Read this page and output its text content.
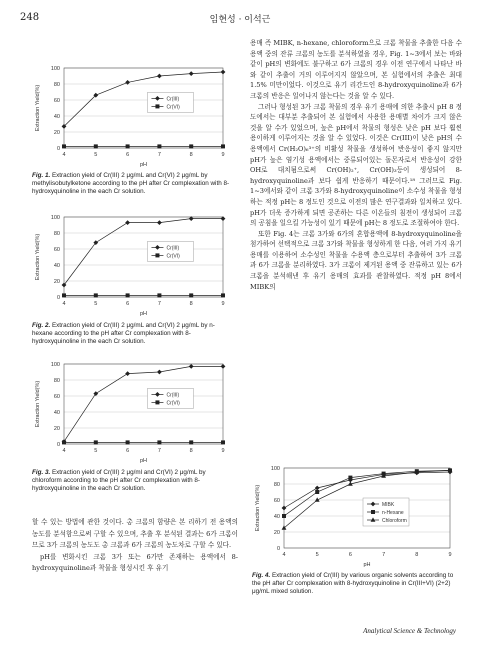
248	임현성 · 이석근
0
20
40
60
80
100
4	5	6	7	8	9
pH
Extraction Yield(%)	Cr(III)
Cr(VI)
Fig. 1. Extraction yield of Cr(III) 2 μg/mL and Cr(VI) 2 μg/mL by methylisobutylketone according to the pH after Cr complexation with 8-hydroxyquinoline in the each Cr solution.
0
20
40
60
80
100
4	5	6	7	8	9
pH
Extraction Yield(%)	Cr(III)
Cr(VI)
Fig. 2. Extraction yield of Cr(III) 2 μg/mL and Cr(VI) 2 μg/mL by n-hexane according to the pH after Cr complexation with 8-hydroxyquinoline in the each Cr solution.
0
20
40
60
80
100
4	5	6	7	8	9
pH
Extraction Yield(%)	Cr(III)
Cr(VI)
Fig. 3. Extraction yield of Cr(III) 2 μg/ml and Cr(VI) 2 μg/mL by chloroform according to the pH after Cr complexation with 8-hydroxyquinoline in the each Cr solution.

할 수 있는 방법에 관한 것이다. 총 크롬의 함량은 본 리하기 전 용액의 농도를 분석함으로써 구할 수 있으며, 추출 후 분석된 결과는 6가 크롬이므로 3가 크롬의 농도도 총 크롬과 6가 크롬의 농도차로 구할 수 있다.

pH를 변화시킨 크롬 3가 또는 6가만 존재하는 용액에서 8-hydroxyquinoline과 착물을 형성시킨 후 유기

용매 즉 MIBK, n-hexane, chloroform으로 크롬 착물을 추출한 다음 수용액 중의 잔류 크롬의 농도를 분석하였을 경우, Fig. 1~3에서 보는 바와 같이 pH의 변화에도 불구하고 6가 크롬의 경우 이전 연구에서 나타난 바와 같이 추출이 거의 이루어지지 않았으며, 본 실험에서의 추출은 최대 1.5% 미만이었다. 이것으로 유기 리간드인 8-hydroxyquinoline과 6가 크롬의 반응은 일어나지 않는다는 것을 알 수 있다.

그러나 형성된 3가 크롬 착물의 경우 유기 용매에 의한 추출시 pH 8 정도에서는 대부분 추출되어 본 실험에서 사용한 용매별 차이가 크지 않은 것을 알 수가 있었으며, 높은 pH에서 착물의 형성은 낮은 pH 보다 훨씬 용이하게 이루어지는 것을 알 수 있었다. 이것은 Cr(III)이 낮은 pH의 수용액에서 Cr(H₂O)₆³⁺의 비활성 착물을 생성하여 반응성이 좋지 않지만 pH가 높은 염기성 용액에서는 중류되어있는 돌몬자로서 반응성이 강한 OH로 대치됨으로써 Cr(OH)₂⁺, Cr(OH)₃등이 생성되어 8-hydroxyquinoline과 보다 쉽게 반응하기 때문이다.¹⁸ 그러므로 Fig. 1~3에서와 같이 크롬 3가와 8-hydroxyquinoline이 소수성 착물을 형성하는 적정 pH는 8 정도인 것으로 이전의 많은 연구결과와 일치하고 있다. pH가 더욱 증가하게 되면 공존하는 다른 이온들의 침전이 생성되어 크롬의 공침을 일으킬 가능성이 있기 때문에 pH는 8 정도로 조절하여야 한다.

또한 Fig. 4는 크롬 3가와 6가의 혼합용액에 8-hydroxyquinoline을 첨가하여 선택적으로 크롬 3가와 착물을 형성하게 한 다음, 여러 가지 유기용매를 이용하여 소수성인 착물을 수용액 층으로부터 추출하여 3가 크롬과 6가 크롬을 분리하였다. 3가 크롬이 제거된 용액 중 잔류하고 있는 6가 크롬을 분석해낸 후 유기 용매의 효과를 관찰하였다. 적정 pH 8에서 MIBK의

0
20
40
60
80
100
4	5	6	7	8	9
pH
Extraction Yield(%)	MIBK
n-Hexane
Chloroform
Fig. 4. Extraction yield of Cr(III) by various organic solvents according to the pH after Cr complexation with 8-hydroxyquinoline in Cr(III+VI) (2+2) μg/mL mixed solution.
Analytical Science & Technology
